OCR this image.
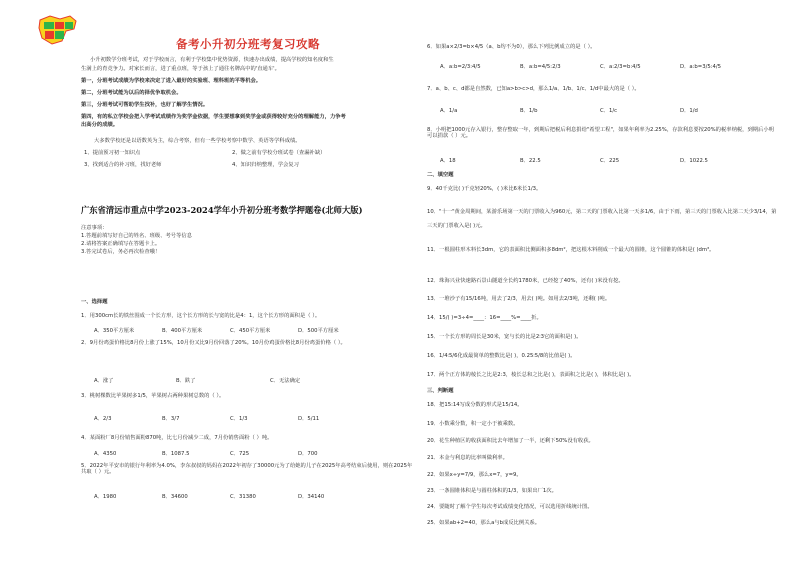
备考小升初分班考复习攻略
小升初数学分班考试，对于学校而言，有利于学校集中优势资源，快速办出成绩，提高学校的知名度和生
生满上的育竞争力。对家长而言，进了重点班，等于孩上了通往名牌高中的'直通车'。
第一，分班考试成绩为学校来决定了进入最好的实验班、理科班的平等机会。
第二，分班考试能为以后的择优争取机会。
第三，分班考试可帮助学生找补，也好了解学生情况。
第四，有的私立学校会把入学考试成绩作为奖学金依据，学生要想拿到奖学金或获得较好充分的理解能力，力争考
出高分的成绩。
大多数学校还是以语数英为主，综合考察，但有一些学校考察中数学、英语等学科成绩。
1、提前预习初一知识点	2、做之前有学校分班试卷（查漏补缺）
3、找到适合的补习班，找好老师	4、知识归纳整理，学会复习
广东省清远市重点中学2023-2024学年小升初分班考数学押题卷(北师大版)
注意事项：
1.答题前填写好自己的姓名、班级、考号等信息
2.请将答案正确填写在答题卡上。
3.答完试卷后，务必再次检查哦！
一、选择题
1．用300cm长的铁丝围成一个长方形，这个长方形的长与宽的比是4：1，这个长方形的面积是（ ）。
A．350平方厘米	B．400平方厘米	C．450平方厘米	D．500平方厘米
2．9月份鸡蛋价格比8月份上涨了15%，10月份又比9月份回落了20%。10月份鸡蛋价格比8月份鸡蛋价格（ ）。
A．涨了	B．跌了	C．无法确定
3．桃树棵数比苹果树多1/5，苹果树占两种果树总数的（ ）。
A．2/3	B．3/7	C．1/3	D．5/11
4．某面粉厂8月份销售面粉870吨，比七月份减少二成，7月份销售面粉（ ）吨。
A．4350	B．1087.5	C．725	D．700
5．2022年平安市的银行年利率为4.0%，李东叔叔的妈妈在2022年初存了30000元为了给她的儿子在2025年高考结束后使用，则在2025年共取（ ）元。
A．1980	B．34600	C．31380	D．34140
6．如果a×2/3=b×4/5（a、b均不为0），那么下列比例成立的是（ ）。
A．a:b=2/3:4/5	B．a:b=4/5:2/3	C．a:2/3=b:4/5	D．a:b=3/5:4/5
7．a、b、c、d都是自然数，已知a>b>c>d，那么1/a、1/b、1/c、1/d中最大的是（ ）。
A．1/a	B．1/b	C．1/c	D．1/d
8．小明把1000元存入银行，整存整取一年，到期后把税后利息捐给"希望工程"，如果年利率为2.25%，存款利息要按20%的税率纳税，到期后小明可以捐款（ ）元。
A．18	B．22.5	C．225	D．1022.5
二、填空题
9．40千克比( )千克轻20%，( )米比6米长1/3。
10．"十一"黄金周期间，某游乐场第一天的门票收入为960元，第二天的门票收入比第一天多1/6，由于下雨，第三天的门票收入比第二天少3/14，第三天的门票收入是( )元。
11．一根圆柱形木料长3dm，它的表面积比侧面积多8dm²，把这根木料削成一个最大的圆锥，这个圆锥的体积是( )dm³。
12．珠海兴业快速路石景山隧道全长约1780米，已经挖了40%，还有( )米没有挖。
13．一堆沙子有15/16吨，用去了2/3，用去( )吨。如用去2/3吨，还剩( )吨。
14．15/( )=3÷4=____：16=____%=____折。
15．一个长方形的周长是30米，宽与长的比是2∶3它的面积是( )。
16．1/4∶5/6化成最简单的整数比是( )，0.25∶5/8的比值是( )。
17．两个正方体的棱长之比是2:3，棱长总和之比是( )，表面积之比是( )，体积比是( )。
三、判断题
18．把15:14写成分数的形式是15/14。
19．小数乘分数，积一定小于被乘数。
20．花生种植区的收获面积比去年增加了一半，还剩下50%没有收获。
21．本金与利息的比率叫做利率。
22．如果x÷y=7/9，那么x=7，y=9。
23．一条圆锥体积是与圆柱体积的1/3，如果出厂1次。
24．要随时了解个学生每次考试成绩变化情况，可以选用折线统计图。
25．如果ab+2=40，那么a与b成反比例关系。
